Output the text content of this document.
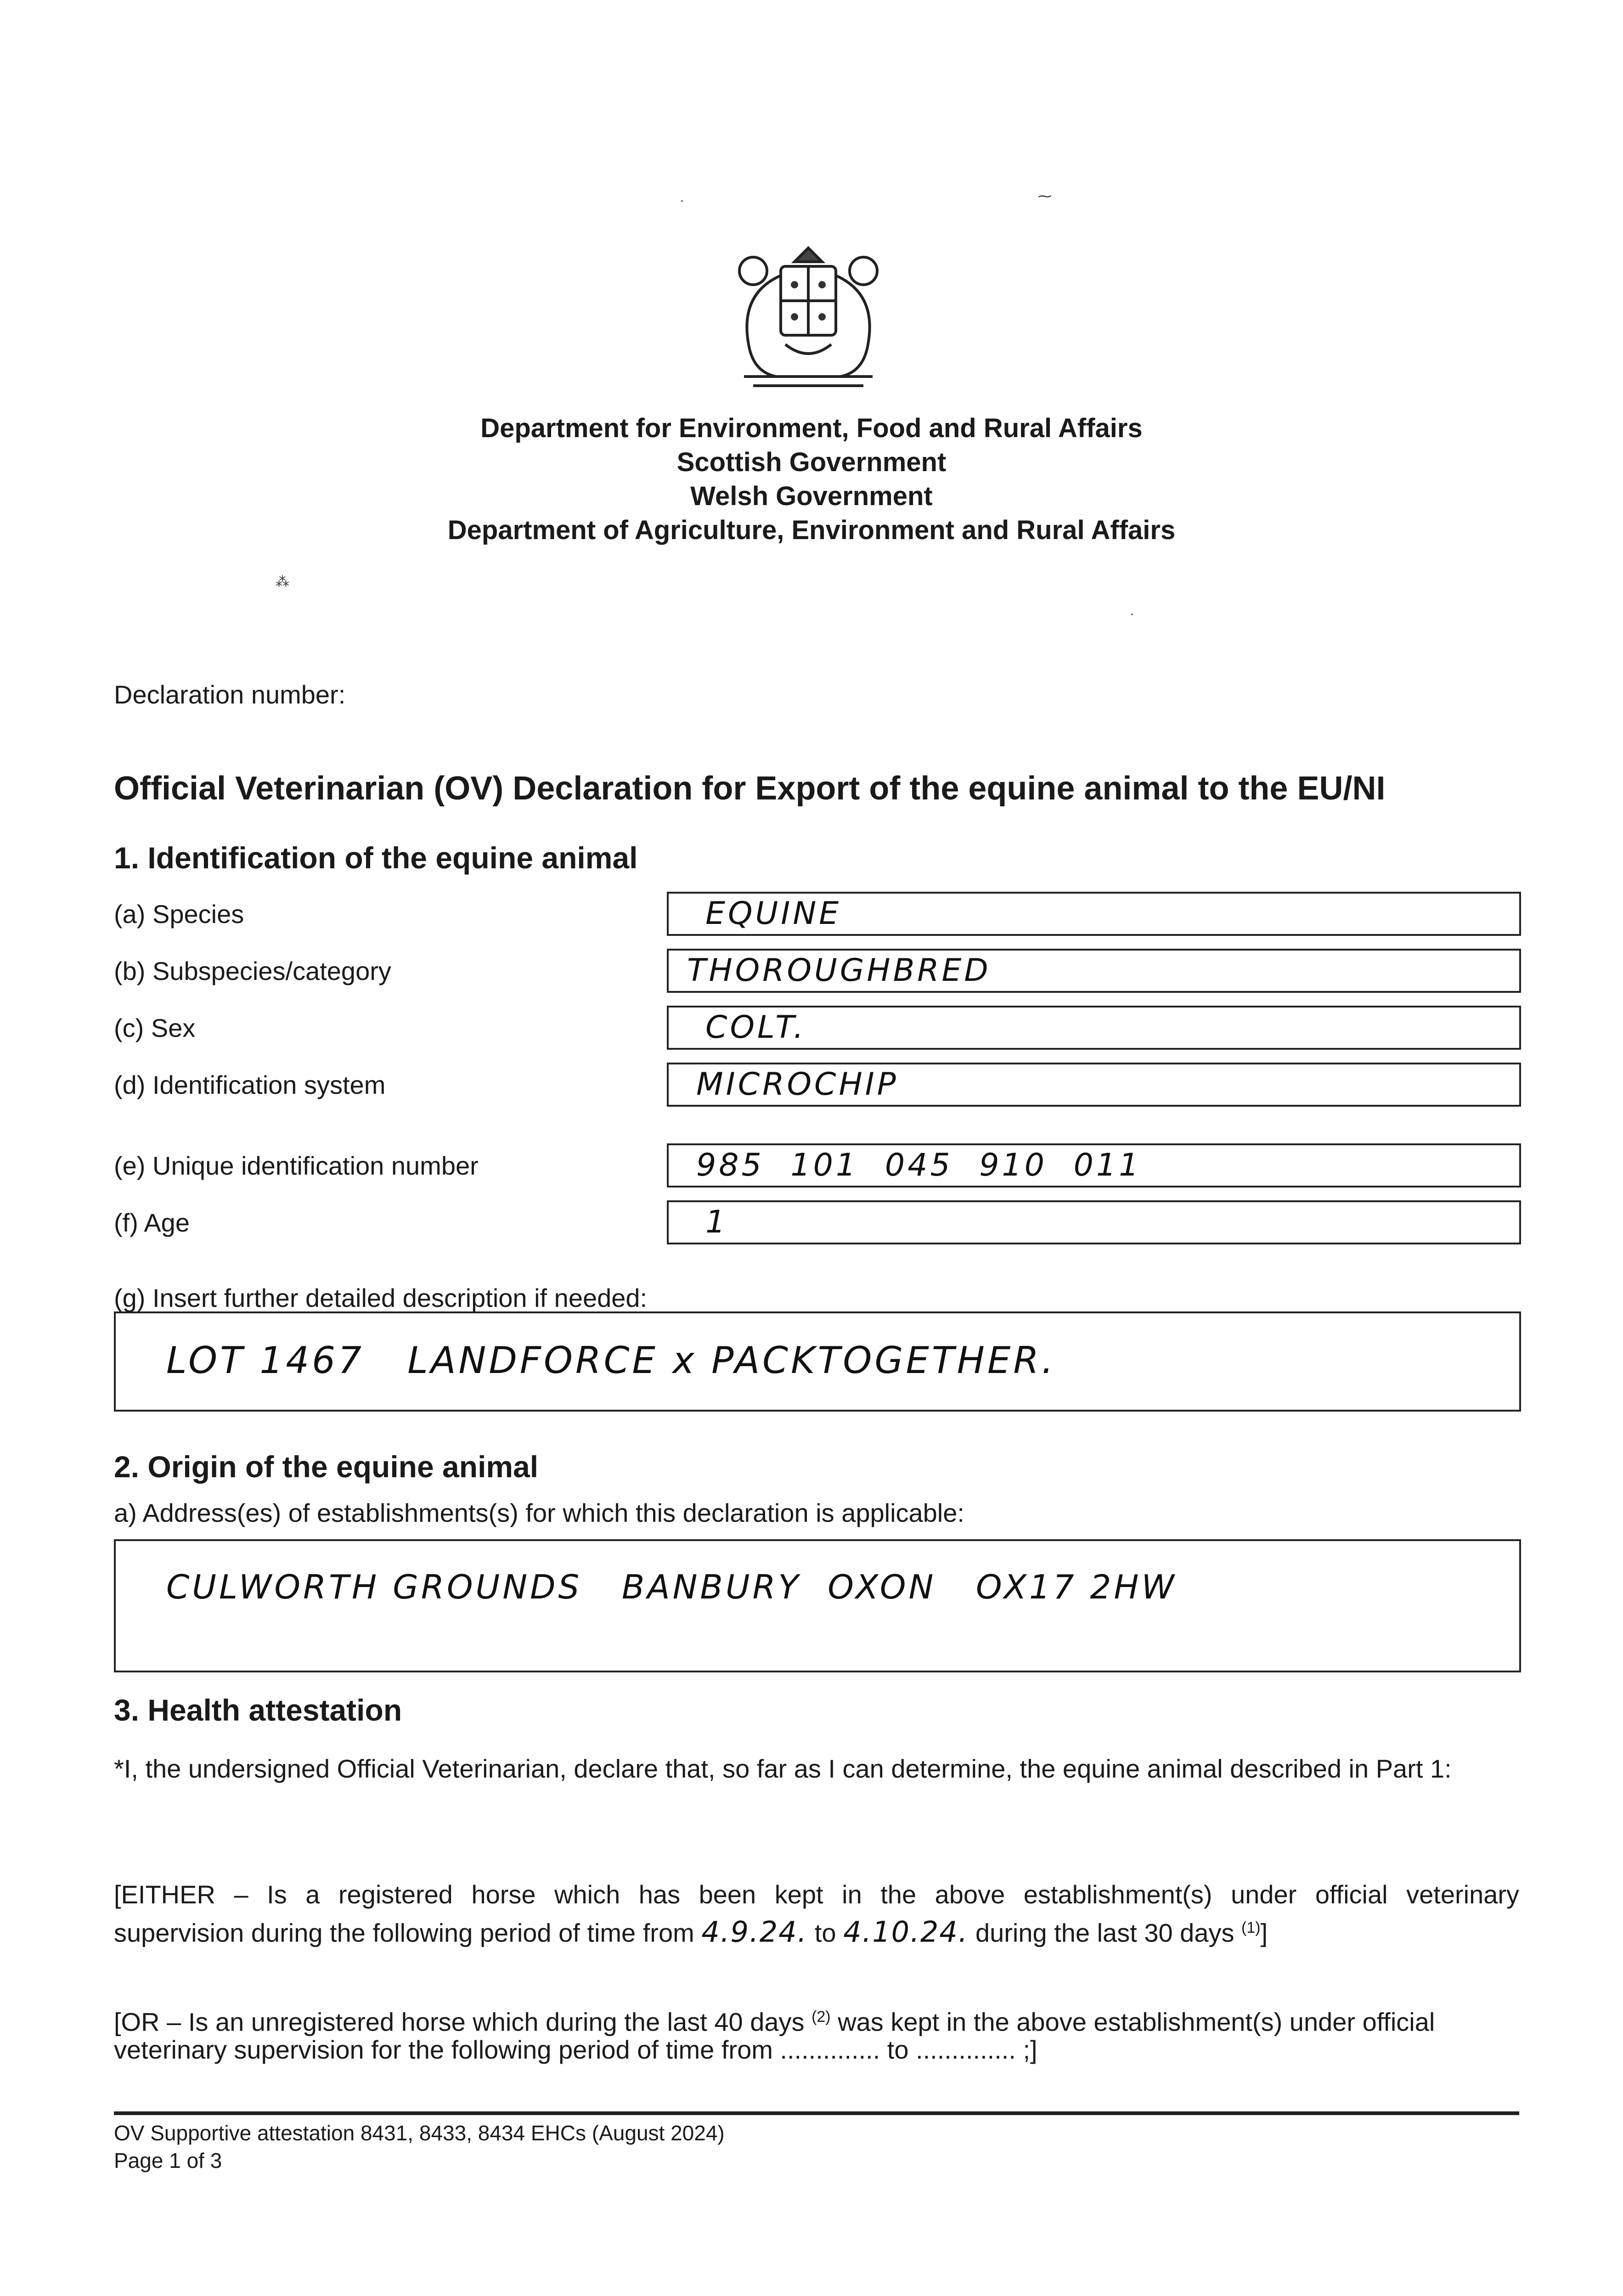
Department for Environment, Food and Rural Affairs
Scottish Government
Welsh Government
Department of Agriculture, Environment and Rural Affairs
·	⁓
⁂
·
Declaration number:
Official Veterinarian (OV) Declaration for Export of the equine animal to the EU/NI
1. Identification of the equine animal
(a) Species	EQUINE
(b) Subspecies/category	THOROUGHBRED
(c) Sex	COLT.
(d) Identification system	MICROCHIP
(e) Unique identification number	985 101 045 910 011
(f) Age	1
(g) Insert further detailed description if needed:
LOT 1467   LANDFORCE x PACKTOGETHER.
2. Origin of the equine animal
a) Address(es) of establishments(s) for which this declaration is applicable:
CULWORTH GROUNDS   BANBURY  OXON   OX17 2HW
3. Health attestation
*I, the undersigned Official Veterinarian, declare that, so far as I can determine, the equine animal described in Part 1:
[EITHER – Is a registered horse which has been kept in the above establishment(s) under official veterinary
supervision during the following period of time from 4.9.24. to 4.10.24. during the last 30 days $^{(1)}$]
[OR – Is an unregistered horse which during the last 40 days $^{(2)}$ was kept in the above establishment(s) under official
veterinary supervision for the following period of time from .............. to .............. ;]
OV Supportive attestation 8431, 8433, 8434 EHCs (August 2024)
Page 1 of 3
